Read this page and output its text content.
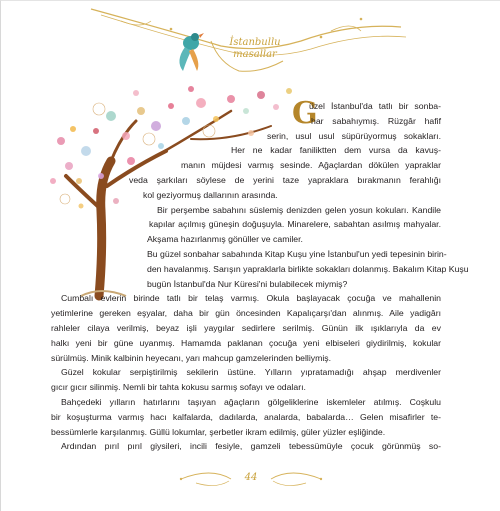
İstanbullu
masallar
G
üzel İstanbul'da tatlı bir sonba-
har sabahıymış. Rüzgâr hafif
serin, usul usul süpürüyormuş sokakları.
Her ne kadar faniliktten dem vursa da kavuş-
manın müjdesi varmış sesinde. Ağaçlardan dökülen yapraklar
veda şarkıları söylese de yerini taze yapraklara bırakmanın ferahlığı
kol geziyormuş dallarının arasında.
Bir perşembe sabahını süslemiş denizden gelen yosun kokuları. Kandile
kapılar açılmış güneşin doğuşuyla. Minarelere, sabahtan asılmış mahyalar.
Akşama hazırlanmış gönüller ve camiler.
Bu güzel sonbahar sabahında Kitap Kuşu yine İstanbul'un yedi tepesinin birin-
den havalanmış. Sarışın yapraklarla birlikte sokakları dolanmış. Bakalım Kitap Kuşu
bugün İstanbul'da Nur Küresi'ni bulabilecek miymiş?
Cumbalı evlerin birinde tatlı bir telaş varmış. Okula başlayacak çocuğa ve mahallenin
yetimlerine gereken eşyalar, daha bir gün öncesinden Kapalıçarşı'dan alınmış. Aile yadigârı
rahleler cilaya verilmiş, beyaz işli yaygılar sedirlere serilmiş. Günün ilk ışıklarıyla da ev
halkı yeni bir güne uyanmış. Hamamda paklanan çocuğa yeni elbiseleri giydirilmiş, kokular
sürülmüş. Minik kalbinin heyecanı, yarı mahcup gamzelerinden belliymiş.
Güzel kokular serpiştirilmiş sekilerin üstüne. Yılların yıpratamadığı ahşap merdivenler
gıcır gıcır silinmiş. Nemli bir tahta kokusu sarmış sofayı ve odaları.
Bahçedeki yılların hatırlarını taşıyan ağaçların gölgeliklerine iskemleler atılmış. Coşkulu
bir koşuşturma varmış hacı kalfalarda, dadılarda, analarda, babalarda… Gelen misafirler te-
bessümlerle karşılanmış. Güllü lokumlar, şerbetler ikram edilmiş, güler yüzler eşliğinde.
Ardından pırıl pırıl giysileri, incili fesiyle, gamzeli tebessümüyle çocuk görünmüş so-
44
